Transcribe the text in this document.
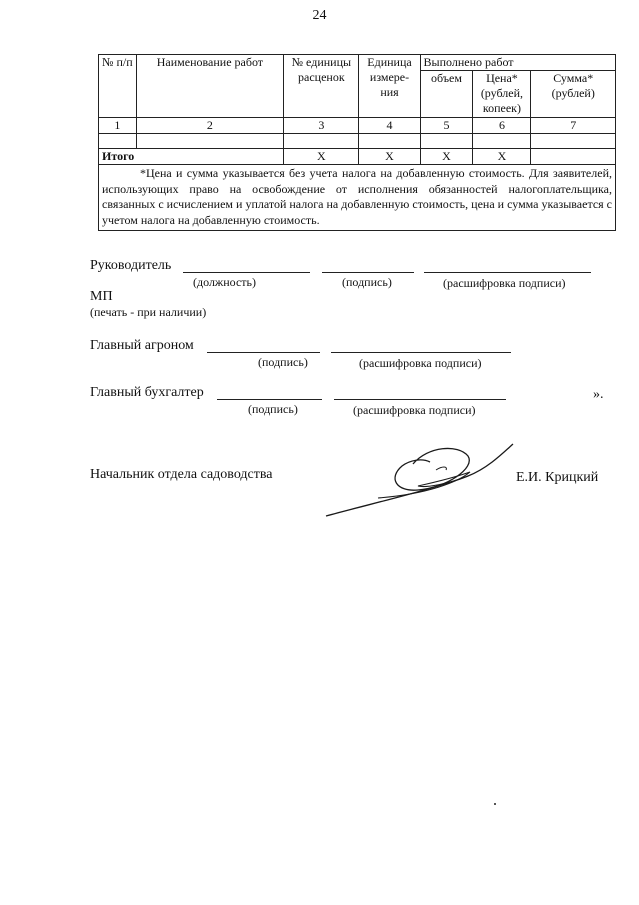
24
№ п/п	Наименование работ	№ единицы расценок	Единица измере-ния	Выполнено работ		
				объем	Цена* (рублей, копеек)	Сумма* (рублей)
1	2	3	4	5	6	7

Итого		Х	Х	Х	Х	

*Цена и сумма указывается без учета налога на добавленную стоимость. Для заявителей, использующих право на освобождение от исполнения обязанностей налогоплательщика, связанных с исчислением и уплатой налога на добавленную стоимость, цена и сумма указывается с учетом налога на добавленную стоимость.						
Руководитель
(должность)	(подпись)	(расшифровка подписи)
МП
(печать - при наличии)
Главный агроном
(подпись)	(расшифровка подписи)
Главный бухгалтер
(подпись)	(расшифровка подписи)
».
Начальник отдела садоводства	Е.И. Крицкий
